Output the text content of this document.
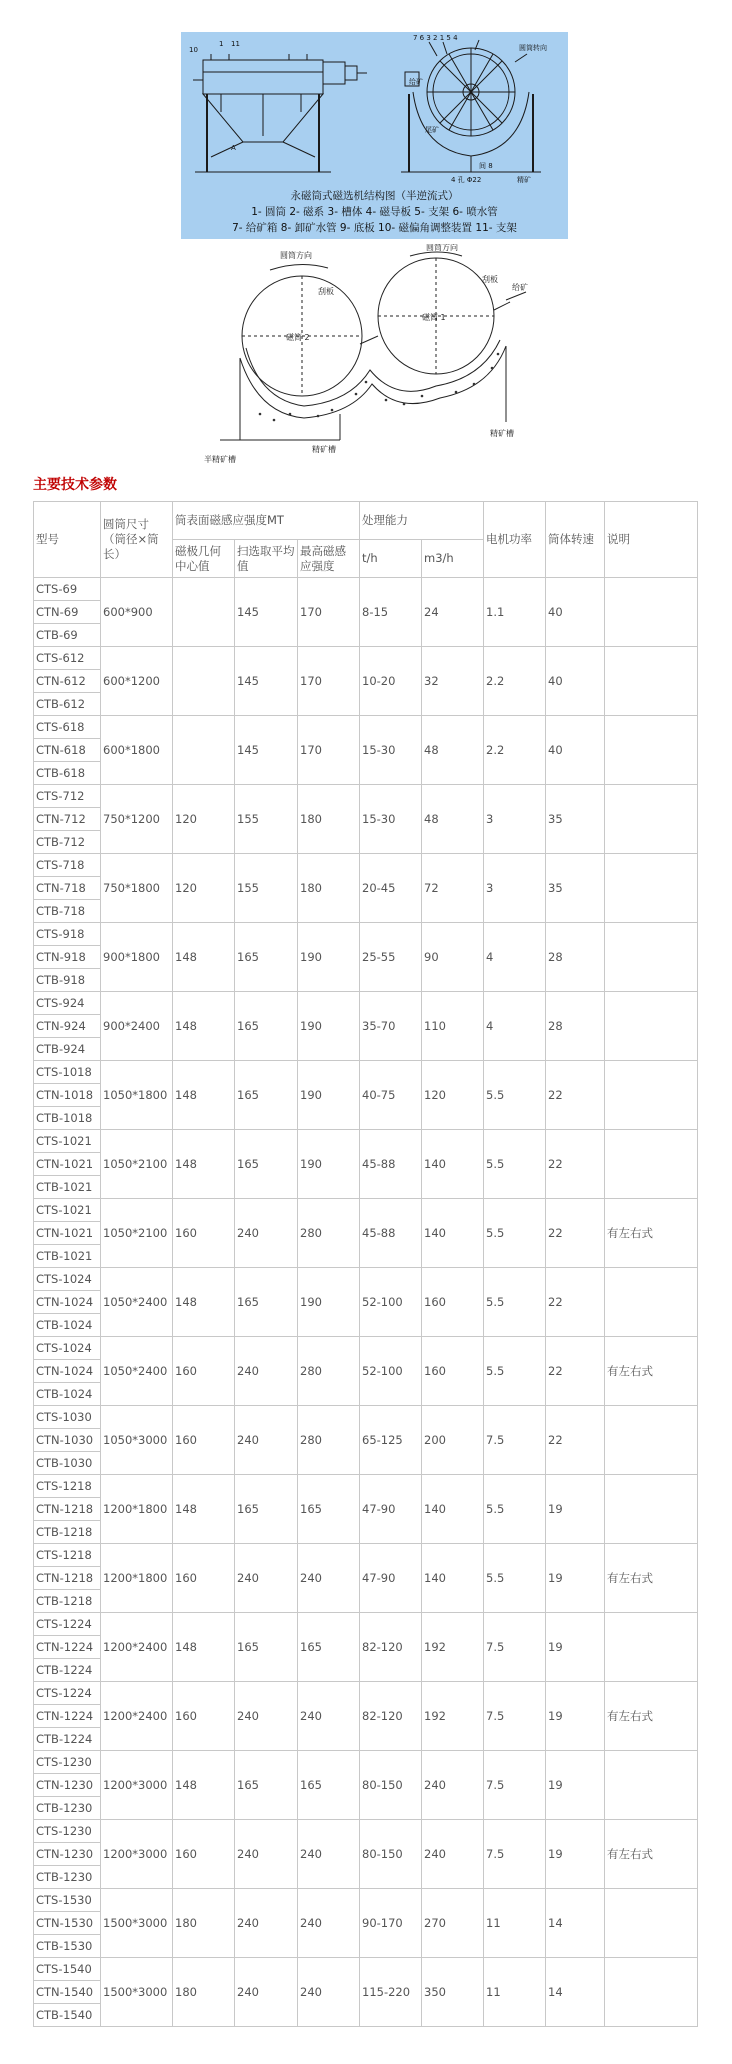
10
1 11
A
7 6 3 2 1 5 4
圆筒转向
给矿
尾矿
4 孔 Φ22
间 8
精矿
永磁筒式磁选机结构图（半逆流式）
1- 圆筒 2- 磁系 3- 槽体 4- 磁导板 5- 支架 6- 喷水管
7- 给矿箱 8- 卸矿水管 9- 底板 10- 磁偏角调整装置 11- 支架
圆筒方向
圆筒方向
磁筒 2
磁筒 1
刮板
刮板
给矿
精矿槽
精矿槽
半精矿槽
主要技术参数
型号	圆筒尺寸（筒径×筒长）	筒表面磁感应强度MT			处理能力		电机功率	筒体转速	说明
		磁极几何中心值	扫选取平均值	最高磁感应强度	t/h	m3/h			
CTS-69	600*900		145	170	8-15	24	1.1	40	
CTN-69									
CTB-69									
CTS-612	600*1200		145	170	10-20	32	2.2	40	
CTN-612									
CTB-612									
CTS-618	600*1800		145	170	15-30	48	2.2	40	
CTN-618									
CTB-618									
CTS-712	750*1200	120	155	180	15-30	48	3	35	
CTN-712									
CTB-712									
CTS-718	750*1800	120	155	180	20-45	72	3	35	
CTN-718									
CTB-718									
CTS-918	900*1800	148	165	190	25-55	90	4	28	
CTN-918									
CTB-918									
CTS-924	900*2400	148	165	190	35-70	110	4	28	
CTN-924									
CTB-924									
CTS-1018	1050*1800	148	165	190	40-75	120	5.5	22	
CTN-1018									
CTB-1018									
CTS-1021	1050*2100	148	165	190	45-88	140	5.5	22	
CTN-1021									
CTB-1021									
CTS-1021	1050*2100	160	240	280	45-88	140	5.5	22	有左右式
CTN-1021									
CTB-1021									
CTS-1024	1050*2400	148	165	190	52-100	160	5.5	22	
CTN-1024									
CTB-1024									
CTS-1024	1050*2400	160	240	280	52-100	160	5.5	22	有左右式
CTN-1024									
CTB-1024									
CTS-1030	1050*3000	160	240	280	65-125	200	7.5	22	
CTN-1030									
CTB-1030									
CTS-1218	1200*1800	148	165	165	47-90	140	5.5	19	
CTN-1218									
CTB-1218									
CTS-1218	1200*1800	160	240	240	47-90	140	5.5	19	有左右式
CTN-1218									
CTB-1218									
CTS-1224	1200*2400	148	165	165	82-120	192	7.5	19	
CTN-1224									
CTB-1224									
CTS-1224	1200*2400	160	240	240	82-120	192	7.5	19	有左右式
CTN-1224									
CTB-1224									
CTS-1230	1200*3000	148	165	165	80-150	240	7.5	19	
CTN-1230									
CTB-1230									
CTS-1230	1200*3000	160	240	240	80-150	240	7.5	19	有左右式
CTN-1230									
CTB-1230									
CTS-1530	1500*3000	180	240	240	90-170	270	11	14	
CTN-1530									
CTB-1530									
CTS-1540	1500*3000	180	240	240	115-220	350	11	14	
CTN-1540									
CTB-1540									
